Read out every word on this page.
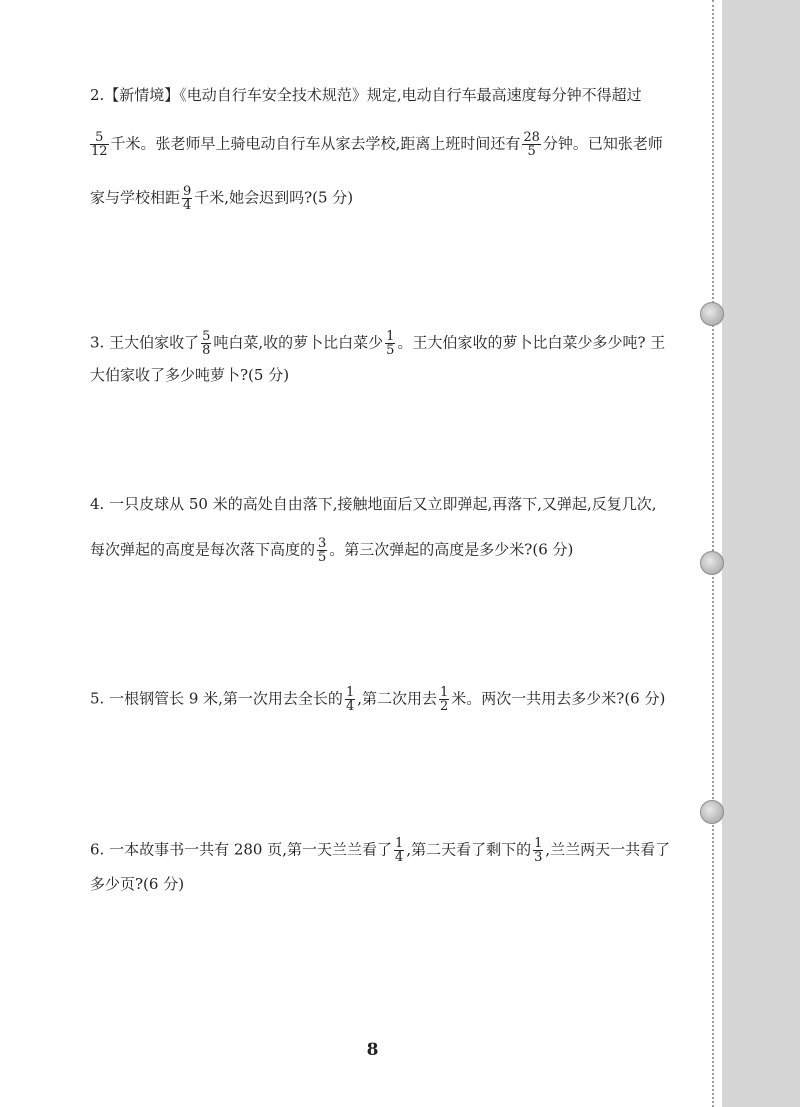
2.【新情境】《电动自行车安全技术规范》规定,电动自行车最高速度每分钟不得超过
$\frac{5}{12}$ 千米。张老师早上骑电动自行车从家去学校,距离上班时间还有 $\frac{28}{5}$ 分钟。已知张老师
家与学校相距 $\frac{9}{4}$ 千米,她会迟到吗?(5 分)
3. 王大伯家收了 $\frac{5}{8}$ 吨白菜,收的萝卜比白菜少 $\frac{1}{5}$ 。王大伯家收的萝卜比白菜少多少吨? 王
大伯家收了多少吨萝卜?(5 分)
4. 一只皮球从 50 米的高处自由落下,接触地面后又立即弹起,再落下,又弹起,反复几次,
每次弹起的高度是每次落下高度的 $\frac{3}{5}$ 。第三次弹起的高度是多少米?(6 分)
5. 一根钢管长 9 米,第一次用去全长的 $\frac{1}{4}$ ,第二次用去 $\frac{1}{2}$ 米。两次一共用去多少米?(6 分)
6. 一本故事书一共有 280 页,第一天兰兰看了 $\frac{1}{4}$ ,第二天看了剩下的 $\frac{1}{3}$ ,兰兰两天一共看了
多少页?(6 分)
8
